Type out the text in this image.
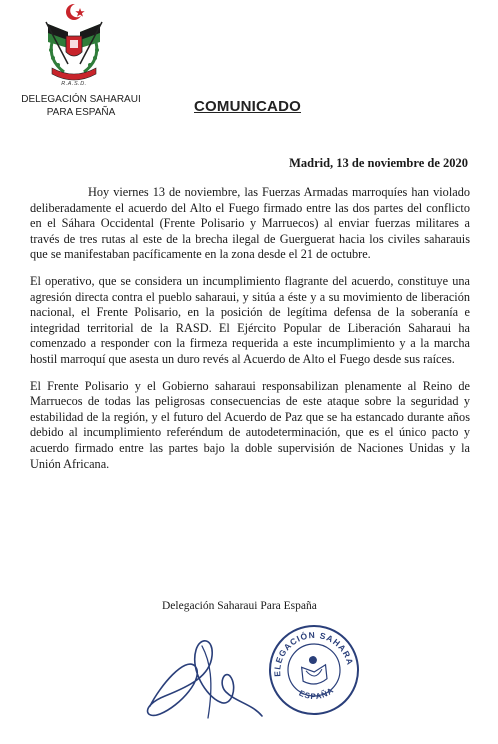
R.A.S.D.
DELEGACIÓN SAHARAUI
PARA ESPAÑA	COMUNICADO
Madrid, 13 de noviembre de 2020

Hoy viernes 13 de noviembre, las Fuerzas Armadas marroquíes han violado deliberadamente el acuerdo del Alto el Fuego firmado entre las dos partes del conflicto en el Sáhara Occidental (Frente Polisario y Marruecos) al enviar fuerzas militares a través de tres rutas al este de la brecha ilegal de Guerguerat hacia los civiles saharauis que se manifestaban pacíficamente en la zona desde el 21 de octubre.

El operativo, que se considera un incumplimiento flagrante del acuerdo, constituye una agresión directa contra el pueblo saharaui, y sitúa a éste y a su movimiento de liberación nacional, el Frente Polisario, en la posición de legítima defensa de la soberanía e integridad territorial de la RASD. El Ejército Popular de Liberación Saharaui ha comenzado a responder con la firmeza requerida a este incumplimiento y a la marcha hostil marroquí que asesta un duro revés al Acuerdo de Alto el Fuego desde sus raíces.

El Frente Polisario y el Gobierno saharaui responsabilizan plenamente al Reino de Marruecos de todas las peligrosas consecuencias de este ataque sobre la seguridad y estabilidad de la región, y el futuro del Acuerdo de Paz que se ha estancado durante años debido al incumplimiento referéndum de autodeterminación, que es el único pacto y acuerdo firmado entre las partes bajo la doble supervisión de Naciones Unidas y la Unión Africana.

Delegación Saharaui Para España
DELEGACIÓN SAHARAUI
ESPAÑA
